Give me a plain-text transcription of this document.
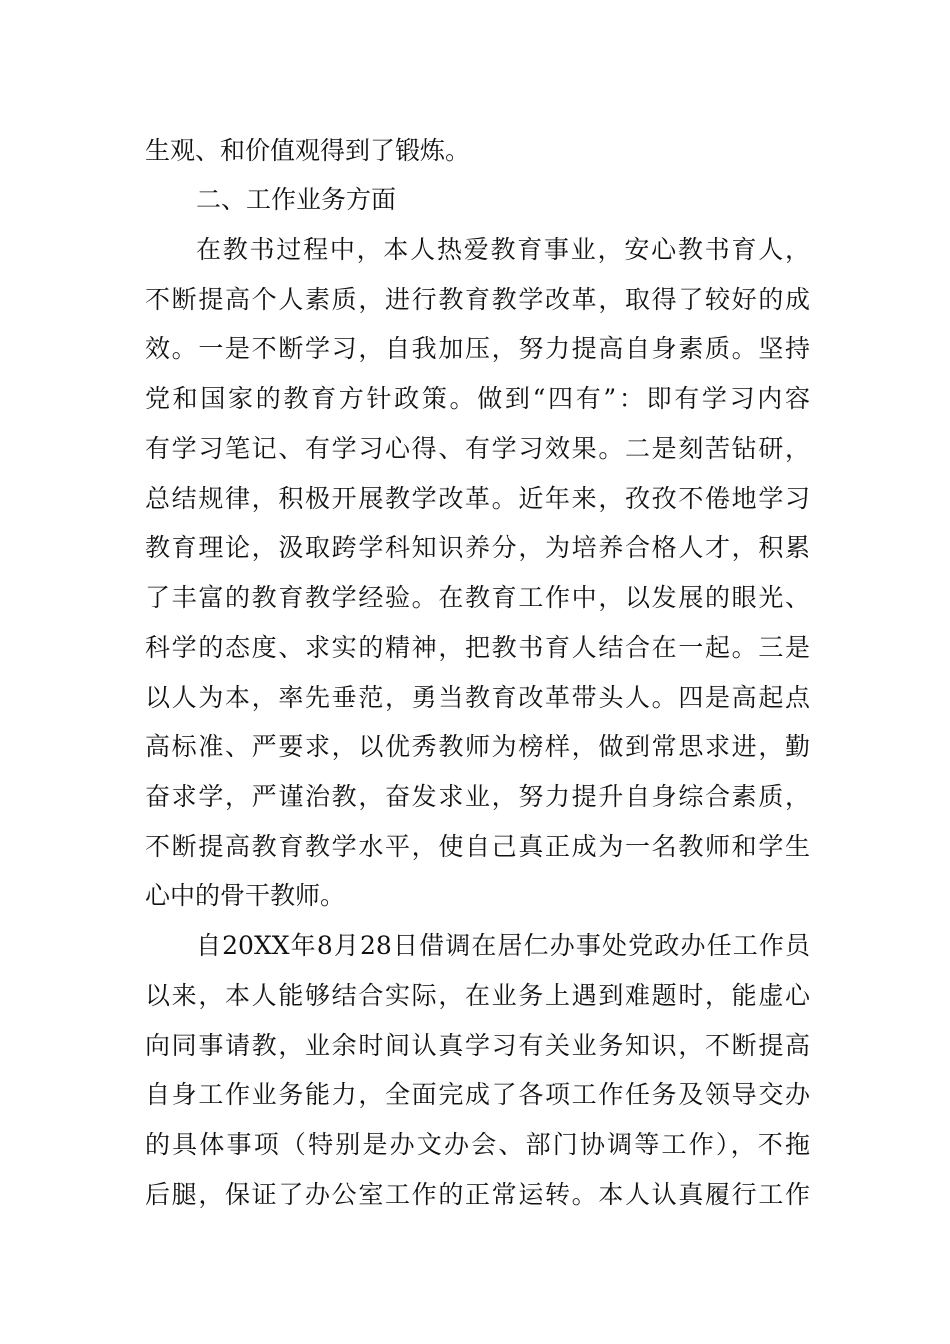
生观、和价值观得到了锻炼。
二、工作业务方面
在教书过程中，本人热爱教育事业，安心教书育人，
不断提高个人素质，进行教育教学改革，取得了较好的成
效。一是不断学习，自我加压，努力提高自身素质。坚持
党和国家的教育方针政策。做到“四有”：即有学习内容
有学习笔记、有学习心得、有学习效果。二是刻苦钻研，
总结规律，积极开展教学改革。近年来，孜孜不倦地学习
教育理论，汲取跨学科知识养分，为培养合格人才，积累
了丰富的教育教学经验。在教育工作中，以发展的眼光、
科学的态度、求实的精神，把教书育人结合在一起。三是
以人为本，率先垂范，勇当教育改革带头人。四是高起点
高标准、严要求，以优秀教师为榜样，做到常思求进，勤
奋求学，严谨治教，奋发求业，努力提升自身综合素质，
不断提高教育教学水平，使自己真正成为一名教师和学生
心中的骨干教师。
自20XX年8月28日借调在居仁办事处党政办任工作员
以来，本人能够结合实际，在业务上遇到难题时，能虚心
向同事请教，业余时间认真学习有关业务知识，不断提高
自身工作业务能力，全面完成了各项工作任务及领导交办
的具体事项（特别是办文办会、部门协调等工作），不拖
后腿，保证了办公室工作的正常运转。本人认真履行工作
